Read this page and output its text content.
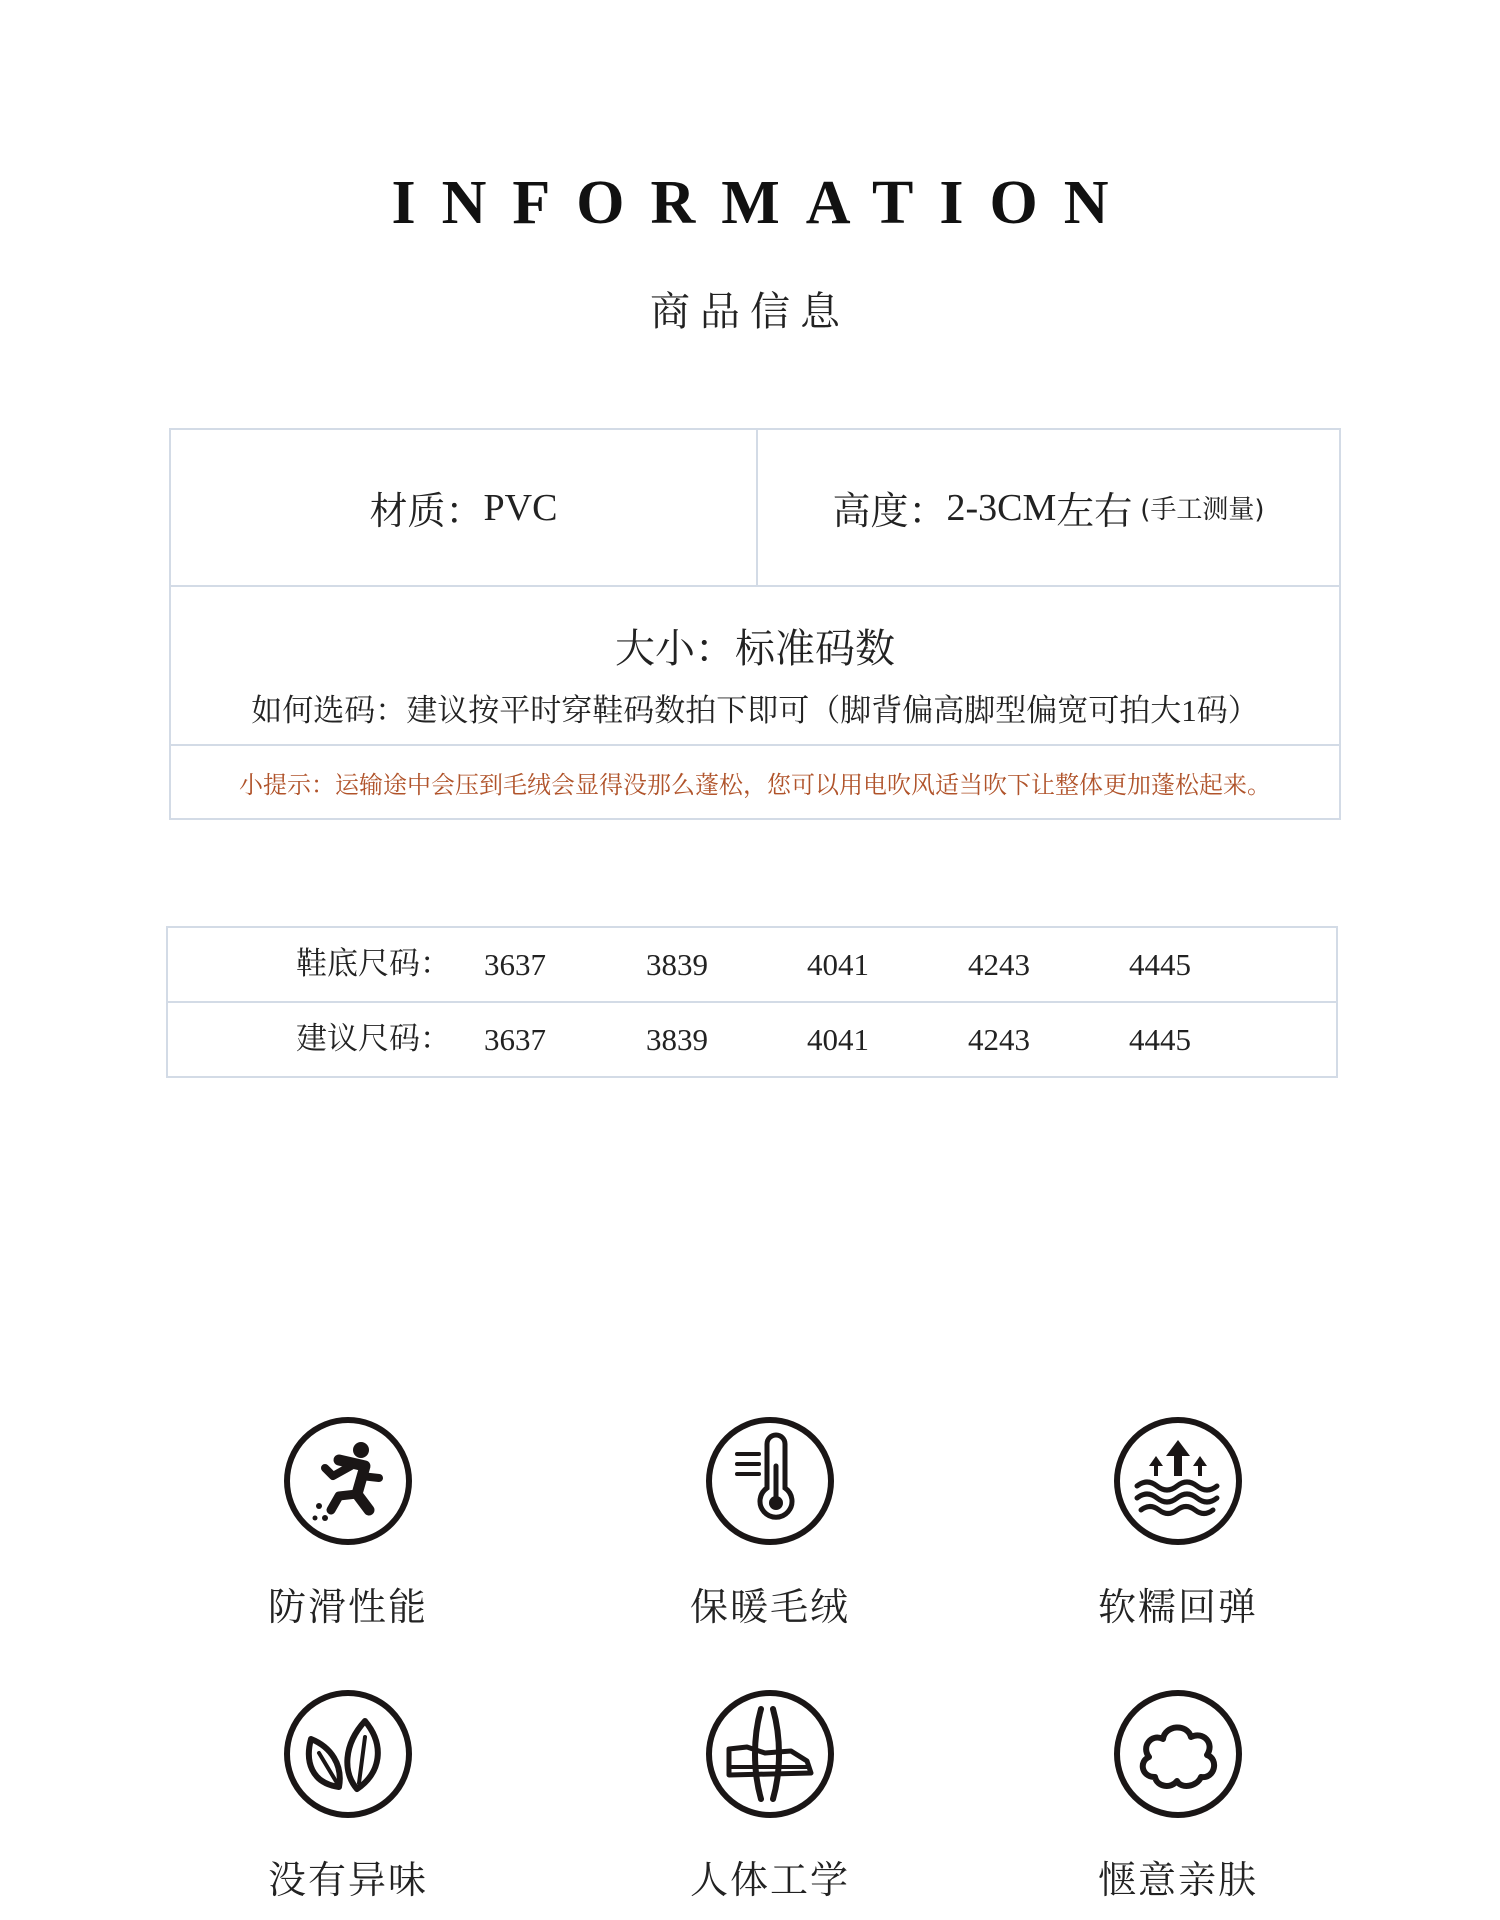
INFORMATION
商品信息
材质： PVC	高度： 2-3CM 左右 (手工测量)
大小：标准码数
如何选码：建议按平时穿鞋码数拍下即可（脚背偏高脚型偏宽可拍大1码）
小提示：运输途中会压到毛绒会显得没那么蓬松，您可以用电吹风适当吹下让整体更加蓬松起来。
鞋底尺码： 3637	3839	4041	4243	4445
建议尺码： 3637	3839	4041	4243	4445
防滑性能	保暖毛绒	软糯回弹
没有异味	人体工学	惬意亲肤
